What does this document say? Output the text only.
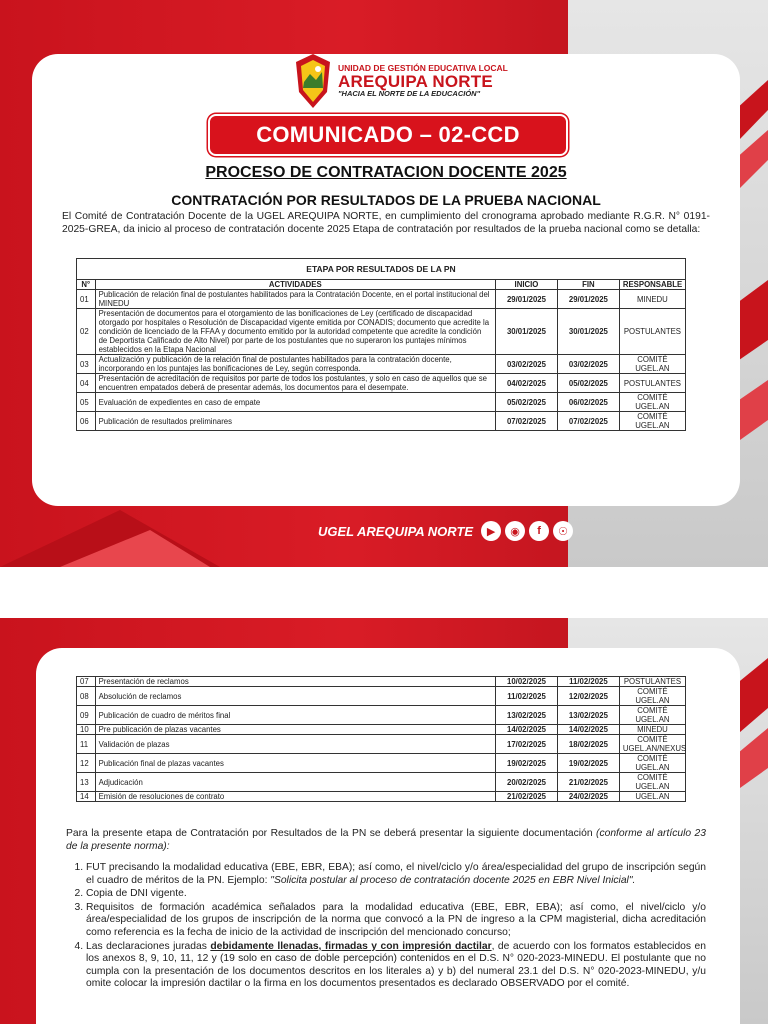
UNIDAD DE GESTIÓN EDUCATIVA LOCAL
AREQUIPA NORTE
"HACIA EL NORTE DE LA EDUCACIÓN"
COMUNICADO – 02-CCD
PROCESO DE CONTRATACION DOCENTE 2025
CONTRATACIÓN POR RESULTADOS DE LA PRUEBA NACIONAL
El Comité de Contratación Docente de la UGEL AREQUIPA NORTE, en cumplimiento del cronograma aprobado mediante R.G.R. N° 0191-2025-GREA, da inicio al proceso de contratación docente 2025 Etapa de contratación por resultados de la prueba nacional como se detalla:
ETAPA POR RESULTADOS DE LA PN				
N°	ACTIVIDADES	INICIO	FIN	RESPONSABLE
01	Publicación de relación final de postulantes habilitados para la Contratación Docente, en el portal institucional del MINEDU	29/01/2025	29/01/2025	MINEDU
02	Presentación de documentos para el otorgamiento de las bonificaciones de Ley (certificado de discapacidad otorgado por hospitales o Resolución de Discapacidad vigente emitida por CONADIS; documento que acredite la condición de licenciado de la FFAA y documento emitido por la autoridad competente que acredite la condición de Deportista Calificado de Alto Nivel) por parte de los postulantes que no superaron los puntajes mínimos establecidos en la Etapa Nacional	30/01/2025	30/01/2025	POSTULANTES
03	Actualización y publicación de la relación final de postulantes habilitados para la contratación docente, incorporando en los puntajes las bonificaciones de Ley, según corresponda.	03/02/2025	03/02/2025	COMITÉ UGEL.AN
04	Presentación de acreditación de requisitos por parte de todos los postulantes, y solo en caso de aquellos que se encuentren empatados deberá de presentar además, los documentos para el desempate.	04/02/2025	05/02/2025	POSTULANTES
05	Evaluación de expedientes en caso de empate	05/02/2025	06/02/2025	COMITÉ UGEL.AN
06	Publicación de resultados preliminares	07/02/2025	07/02/2025	COMITÉ UGEL.AN
UGEL AREQUIPA NORTE	▶	◉	f	☉
07	Presentación de reclamos	10/02/2025	11/02/2025	POSTULANTES
08	Absolución de reclamos	11/02/2025	12/02/2025	COMITÉ UGEL.AN
09	Publicación de cuadro de méritos final	13/02/2025	13/02/2025	COMITÉ UGEL.AN
10	Pre publicación de plazas vacantes	14/02/2025	14/02/2025	MINEDU
11	Validación de plazas	17/02/2025	18/02/2025	COMITÉ UGEL.AN/NEXUS
12	Publicación final de plazas vacantes	19/02/2025	19/02/2025	COMITÉ UGEL.AN
13	Adjudicación	20/02/2025	21/02/2025	COMITÉ UGEL.AN
14	Emisión de resoluciones de contrato	21/02/2025	24/02/2025	UGEL.AN
Para la presente etapa de Contratación por Resultados de la PN se deberá presentar la siguiente documentación (conforme al artículo 23 de la presente norma):
1. FUT precisando la modalidad educativa (EBE, EBR, EBA); así como, el nivel/ciclo y/o área/especialidad del grupo de inscripción según el cuadro de méritos de la PN. Ejemplo: "Solicita postular al proceso de contratación docente 2025 en EBR Nivel Inicial".
2. Copia de DNI vigente.
3. Requisitos de formación académica señalados para la modalidad educativa (EBE, EBR, EBA); así como, el nivel/ciclo y/o área/especialidad de los grupos de inscripción de la norma que convocó a la PN de ingreso a la CPM magisterial, dicha acreditación como referencia es la fecha de inicio de la actividad de inscripción del mencionado concurso;
4. Las declaraciones juradas debidamente llenadas, firmadas y con impresión dactilar, de acuerdo con los formatos establecidos en los anexos 8, 9, 10, 11, 12 y (19 solo en caso de doble percepción) contenidos en el D.S. N° 020-2023-MINEDU. El postulante que no cumpla con la presentación de los documentos descritos en los literales a) y b) del numeral 23.1 del D.S. N° 020-2023-MINEDU, y/u omite colocar la impresión dactilar o la firma en los documentos presentados es declarado OBSERVADO por el comité.
